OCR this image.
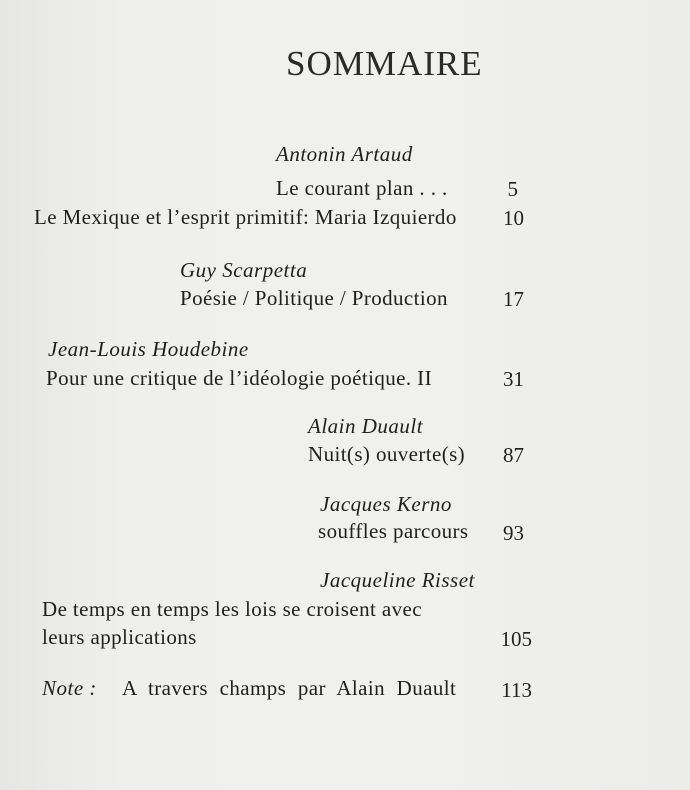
SOMMAIRE
Antonin Artaud
Le courant plan . . .	5
Le Mexique et l’esprit primitif: Maria Izquierdo	10
Guy Scarpetta
Poésie / Politique / Production	17
Jean-Louis Houdebine
Pour une critique de l’idéologie poétique. II	31
Alain Duault
Nuit(s) ouverte(s)	87
Jacques Kerno
souffles parcours	93
Jacqueline Risset
De temps en temps les lois se croisent avec
leurs applications	105
Note : A travers champs par Alain Duault	113
